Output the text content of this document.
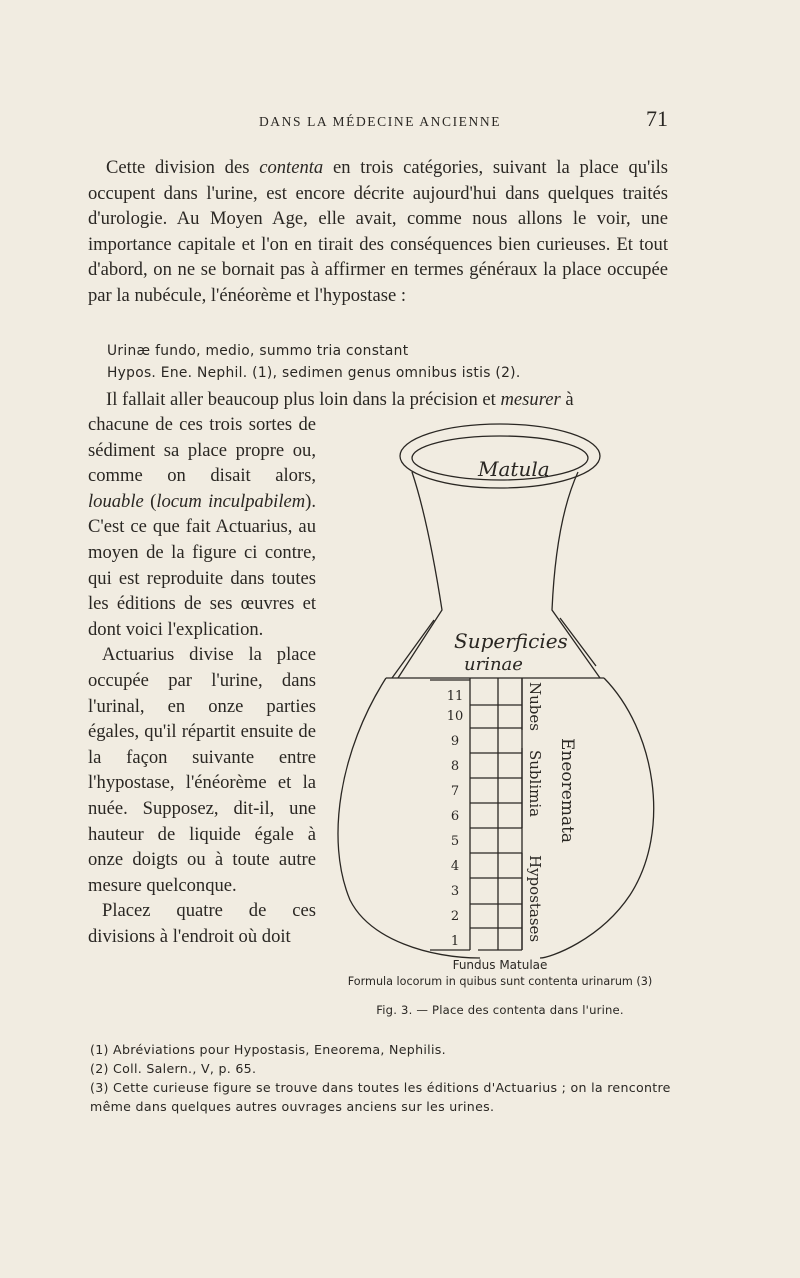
DANS LA MÉDECINE ANCIENNE	71
Cette division des contenta en trois catégories, suivant la place qu'ils occupent dans l'urine, est encore décrite aujourd'hui dans quelques traités d'urologie. Au Moyen Age, elle avait, comme nous allons le voir, une importance capitale et l'on en tirait des conséquences bien curieuses. Et tout d'abord, on ne se bornait pas à affirmer en termes généraux la place occupée par la nubécule, l'énéorème et l'hypostase :
Urinæ fundo, medio, summo tria constant
Hypos. Ene. Nephil. (1), sedimen genus omnibus istis (2).
Il fallait aller beaucoup plus loin dans la précision et mesurer à
chacune de ces trois sortes de sédiment sa place propre ou, comme on disait alors, louable (locum inculpabilem). C'est ce que fait Actuarius, au moyen de la figure ci contre, qui est reproduite dans toutes les éditions de ses œuvres et dont voici l'explication.
Actuarius divise la place occupée par l'urine, dans l'urinal, en onze parties égales, qu'il répartit ensuite de la façon suivante entre l'hypostase, l'énéorème et la nuée. Supposez, dit-il, une hauteur de liquide égale à onze doigts ou à toute autre mesure quelconque.
Placez quatre de ces divisions à l'endroit où doit
Matula
Superficies
urinae
11
10
9
8
7
6
5
4
3
2
1
Nubes
Sublimia
Hypostases
Eneoremata
Fundus Matulae
Formula locorum in quibus sunt contenta urinarum (3)
Fig. 3. — Place des contenta dans l'urine.
(1) Abréviations pour Hypostasis, Eneorema, Nephilis.
(2) Coll. Salern., V, p. 65.
(3) Cette curieuse figure se trouve dans toutes les éditions d'Actuarius ; on la rencontre même dans quelques autres ouvrages anciens sur les urines.
